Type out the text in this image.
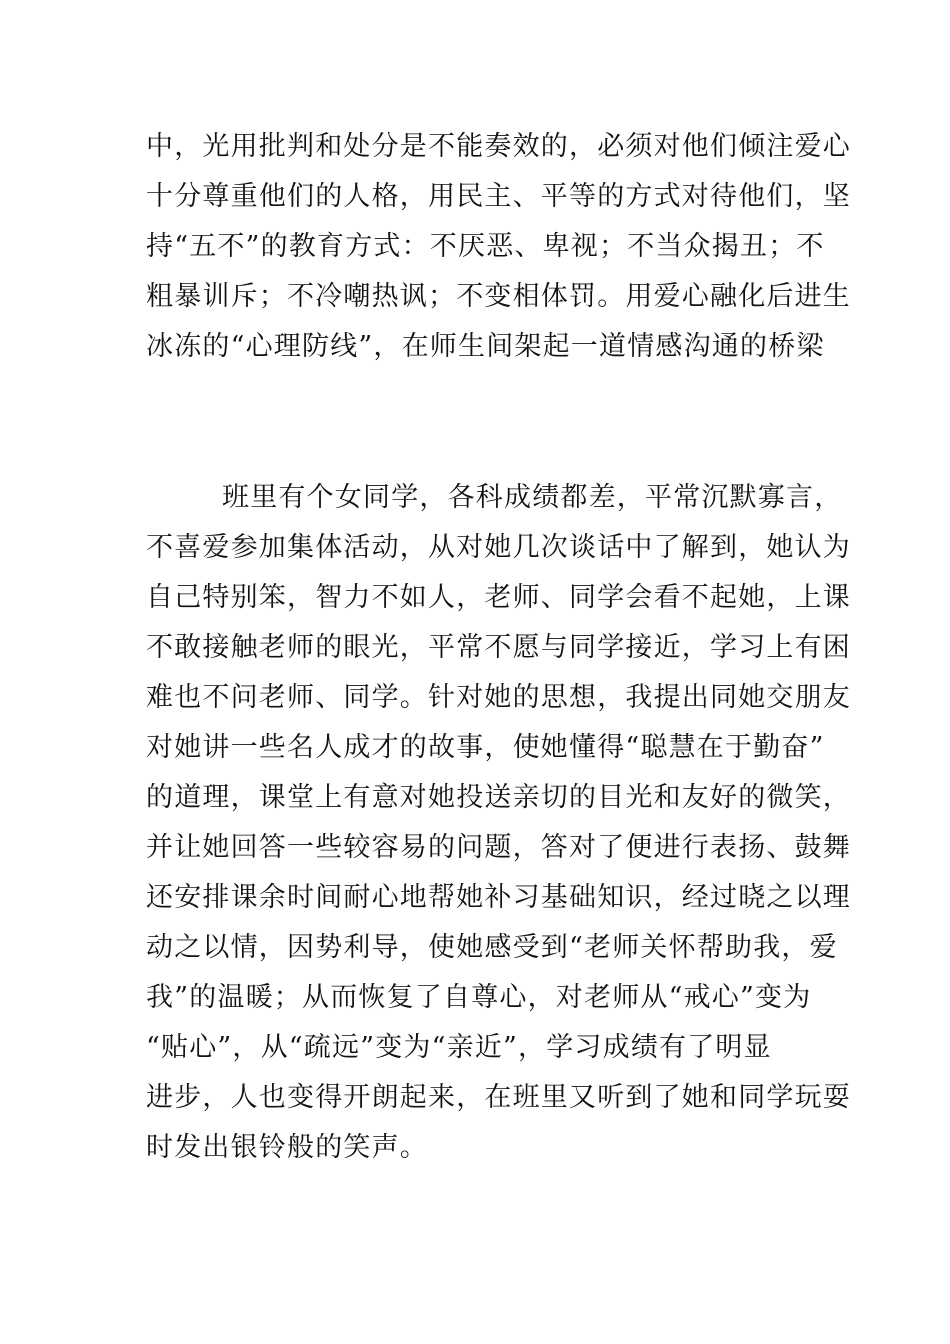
中，光用批判和处分是不能奏效的，必须对他们倾注爱心
十分尊重他们的人格，用民主、平等的方式对待他们，坚
持“五不”的教育方式：不厌恶、卑视；不当众揭丑；不
粗暴训斥；不冷嘲热讽；不变相体罚。用爱心融化后进生
冰冻的“心理防线”，在师生间架起一道情感沟通的桥梁
班里有个女同学，各科成绩都差，平常沉默寡言，
不喜爱参加集体活动，从对她几次谈话中了解到，她认为
自己特别笨，智力不如人，老师、同学会看不起她，上课
不敢接触老师的眼光，平常不愿与同学接近，学习上有困
难也不问老师、同学。针对她的思想，我提出同她交朋友
对她讲一些名人成才的故事，使她懂得“聪慧在于勤奋”
的道理，课堂上有意对她投送亲切的目光和友好的微笑，
并让她回答一些较容易的问题，答对了便进行表扬、鼓舞
还安排课余时间耐心地帮她补习基础知识，经过晓之以理
动之以情，因势利导，使她感受到“老师关怀帮助我，爱
我”的温暖；从而恢复了自尊心，对老师从“戒心”变为
“贴心”，从“疏远”变为“亲近”，学习成绩有了明显
进步，人也变得开朗起来，在班里又听到了她和同学玩耍
时发出银铃般的笑声。
